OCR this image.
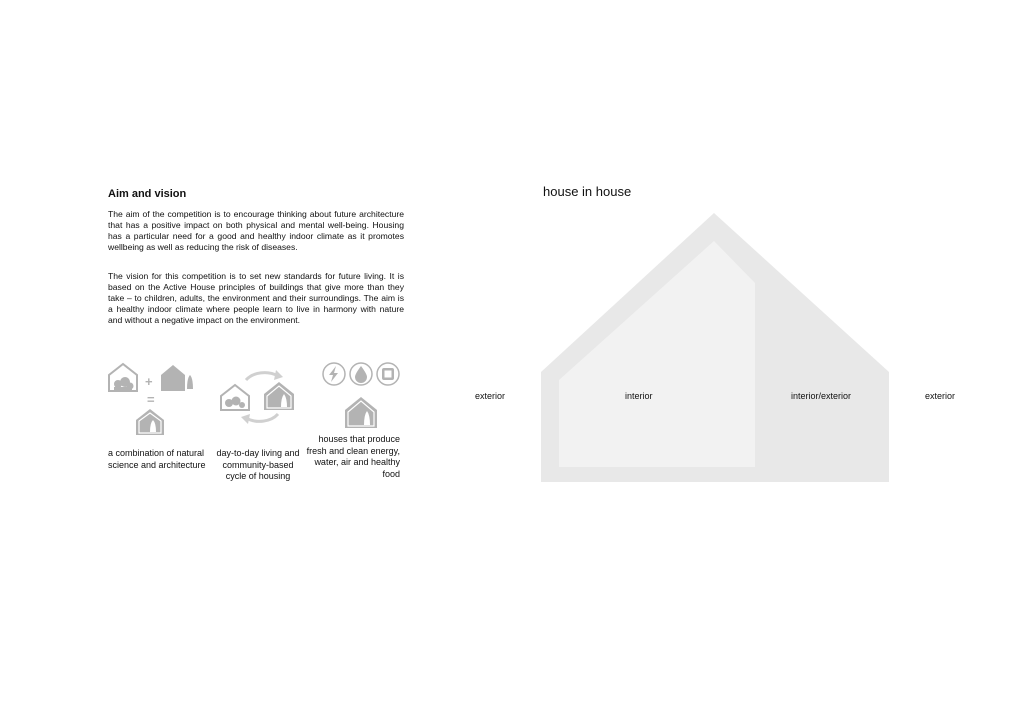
Aim and vision
The aim of the competition is to encourage thinking about future architecture that has a positive impact on both physical and mental well-being. Housing has a particular need for a good and healthy indoor climate as it promotes wellbeing as well as reducing the risk of diseases.
The vision for this competition is to set new standards for future living. It is based on the Active House principles of buildings that give more than they take – to children, adults, the environment and their surroundings. The aim is a healthy indoor climate where people learn to live in harmony with nature and without a negative impact on the environment.
+
=
a combination of natural science and architecture
day-to-day living and community-based cycle of housing
houses that produce fresh and clean energy, water, air and healthy food
house in house
exterior	interior	interior/exterior	exterior
